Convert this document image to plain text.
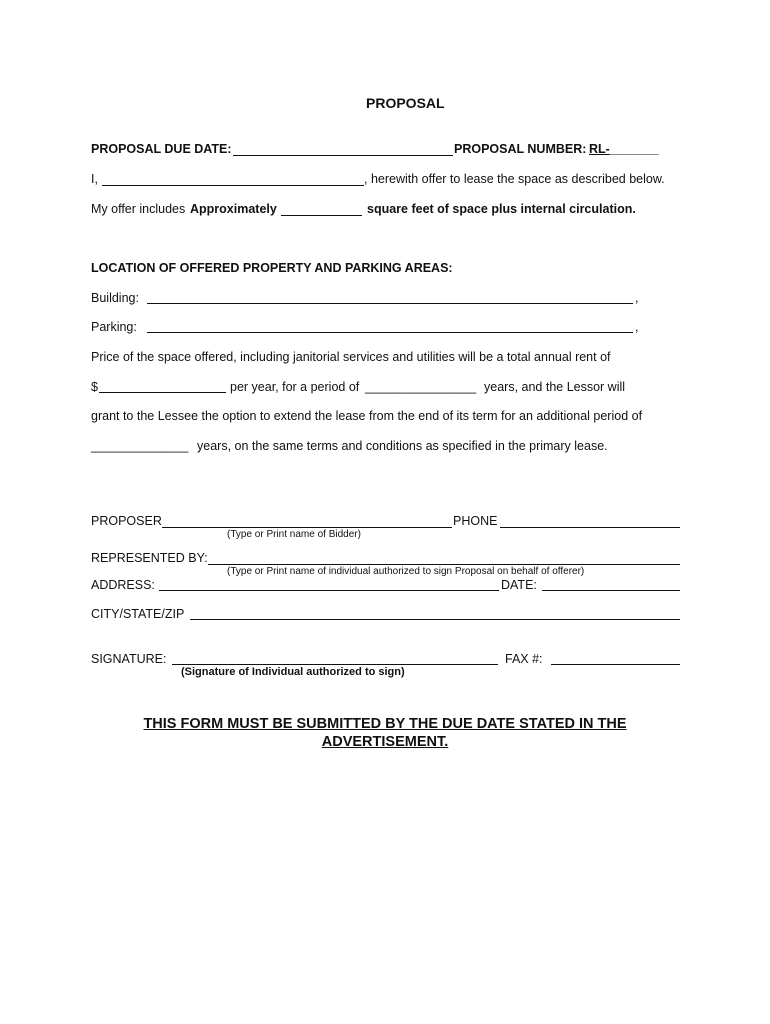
PROPOSAL
PROPOSAL DUE DATE:	PROPOSAL NUMBER: RL- _______
I,	, herewith offer to lease the space as described below.
My offer includes Approximately	square feet of space plus internal circulation.
LOCATION OF OFFERED PROPERTY AND PARKING AREAS:
Building:	,
Parking:	,
Price of the space offered, including janitorial services and utilities will be a total annual rent of
$	per year, for a period of ________________ years, and the Lessor will
grant to the Lessee the option to extend the lease from the end of its term for an additional period of
______________ years, on the same terms and conditions as specified in the primary lease.
PROPOSER	PHONE
(Type or Print name of Bidder)
REPRESENTED BY:
(Type or Print name of individual authorized to sign Proposal on behalf of offerer)
ADDRESS:	DATE:
CITY/STATE/ZIP
SIGNATURE:	FAX #:
(Signature of Individual authorized to sign)
THIS FORM MUST BE SUBMITTED BY THE DUE DATE STATED IN THE
ADVERTISEMENT.
